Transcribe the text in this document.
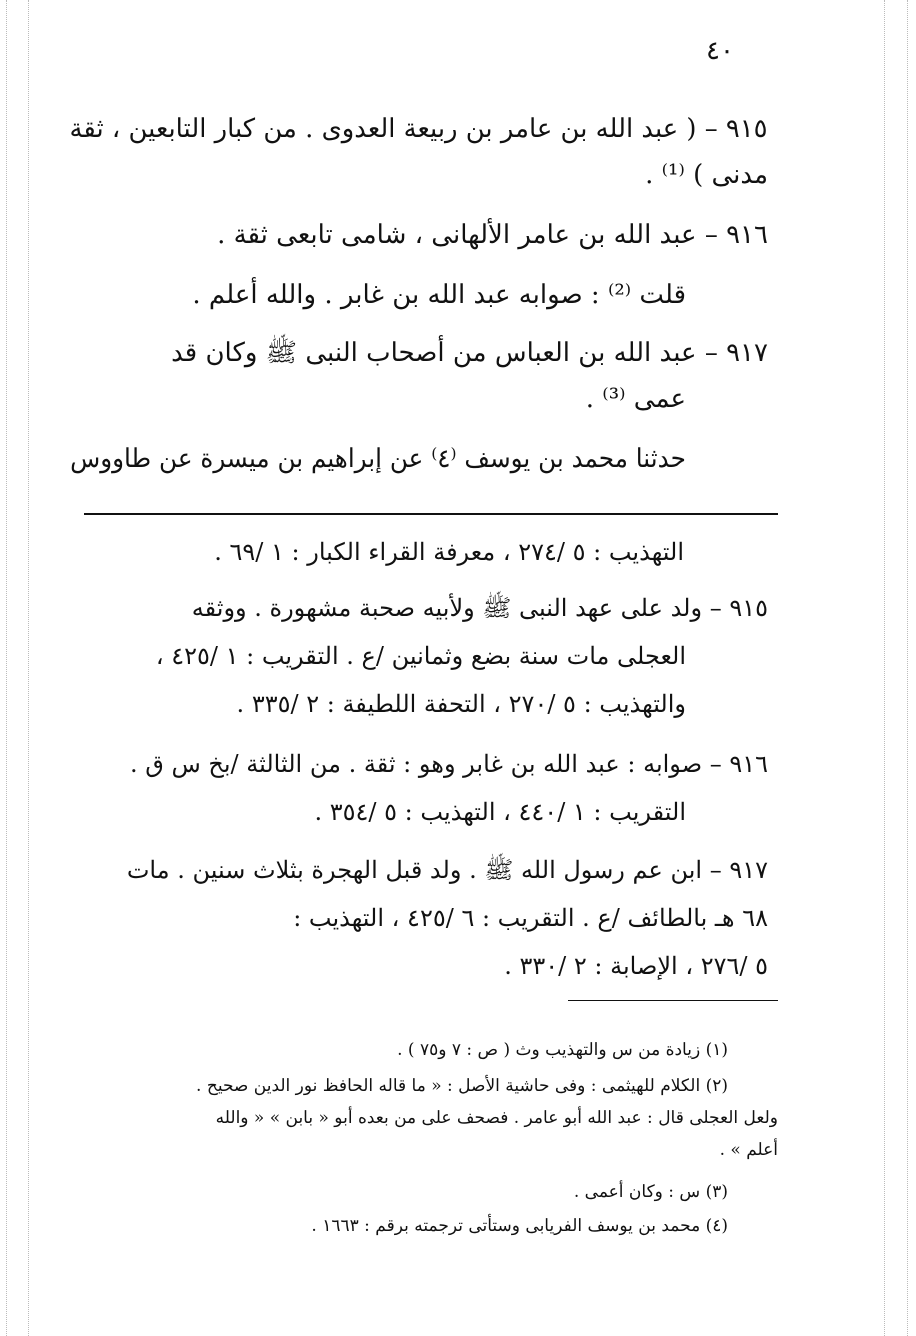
٤٠
٩١٥ – ( عبد الله بن عامر بن ربيعة العدوى . من كبار التابعين ، ثقة
مدنى ) ⁽¹⁾ .
٩١٦ – عبد الله بن عامر الألهانى ، شامى تابعى ثقة .
قلت ⁽²⁾ : صوابه عبد الله بن غابر . والله أعلم .
٩١٧ – عبد الله بن العباس من أصحاب النبى ﷺ وكان قد
عمى ⁽³⁾ .
حدثنا محمد بن يوسف ⁽٤⁾ عن إبراهيم بن ميسرة عن طاووس
التهذيب : ٥ /٢٧٤ ، معرفة القراء الكبار : ١ /٦٩ .
٩١٥ – ولد على عهد النبى ﷺ ولأبيه صحبة مشهورة . ووثقه
العجلى مات سنة بضع وثمانين /ع . التقريب : ١ /٤٢٥ ،
والتهذيب : ٥ /٢٧٠ ، التحفة اللطيفة : ٢ /٣٣٥ .
٩١٦ – صوابه : عبد الله بن غابر وهو : ثقة . من الثالثة /بخ س ق .
التقريب : ١ /٤٤٠ ، التهذيب : ٥ /٣٥٤ .
٩١٧ – ابن عم رسول الله ﷺ . ولد قبل الهجرة بثلاث سنين . مات
٦٨ هـ بالطائف /ع . التقريب : ٦ /٤٢٥ ، التهذيب :
٥ /٢٧٦ ، الإصابة : ٢ /٣٣٠ .
(١) زيادة من س والتهذيب وث ( ص : ٧ و٧٥ ) .
(٢) الكلام للهيثمى : وفى حاشية الأصل : « ما قاله الحافظ نور الدين صحيح .
ولعل العجلى قال : عبد الله أبو عامر . فصحف على من بعده أبو « بابن » « والله
أعلم » .
(٣) س : وكان أعمى .
(٤) محمد بن يوسف الفريابى وستأتى ترجمته برقم : ١٦٦٣ .
